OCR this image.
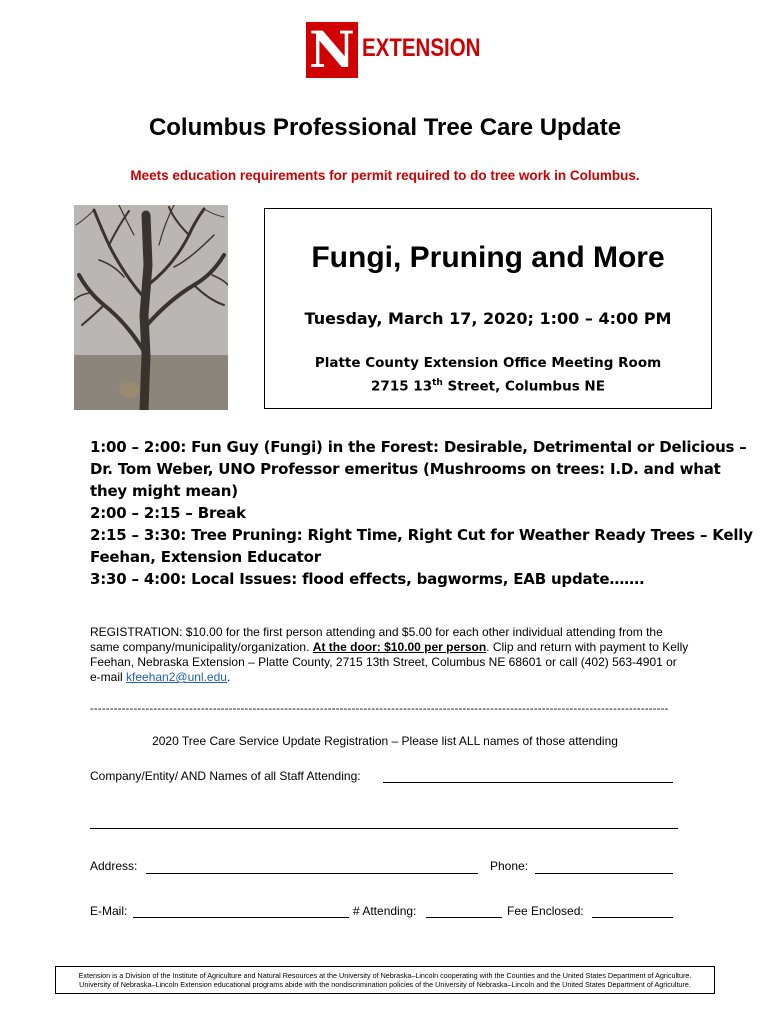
N EXTENSION
Columbus Professional Tree Care Update
Meets education requirements for permit required to do tree work in Columbus.
Fungi, Pruning and More
Tuesday, March 17, 2020; 1:00 – 4:00 PM
Platte County Extension Office Meeting Room
2715 13th Street, Columbus NE
1:00 – 2:00: Fun Guy (Fungi) in the Forest: Desirable, Detrimental or Delicious –
Dr. Tom Weber, UNO Professor emeritus (Mushrooms on trees: I.D. and what
they might mean)
2:00 – 2:15 – Break
2:15 – 3:30: Tree Pruning: Right Time, Right Cut for Weather Ready Trees – Kelly
Feehan, Extension Educator
3:30 – 4:00: Local Issues: flood effects, bagworms, EAB update…….
REGISTRATION: $10.00 for the first person attending and $5.00 for each other individual attending from the same company/municipality/organization. At the door: $10.00 per person. Clip and return with payment to Kelly Feehan, Nebraska Extension – Platte County, 2715 13th Street, Columbus NE 68601 or call (402) 563-4901 or e-mail kfeehan2@unl.edu.
--------------------------------------------------------------------------------------------------------------------------------------------------
2020 Tree Care Service Update Registration – Please list ALL names of those attending
Company/Entity/ AND Names of all Staff Attending:
Address:	Phone:
E-Mail:	# Attending:	Fee Enclosed:
Extension is a Division of the Institute of Agriculture and Natural Resources at the University of Nebraska–Lincoln cooperating with the Counties and the United States Department of Agriculture.
University of Nebraska–Lincoln Extension educational programs abide with the nondiscrimination policies of the University of Nebraska–Lincoln and the United States Department of Agriculture.
